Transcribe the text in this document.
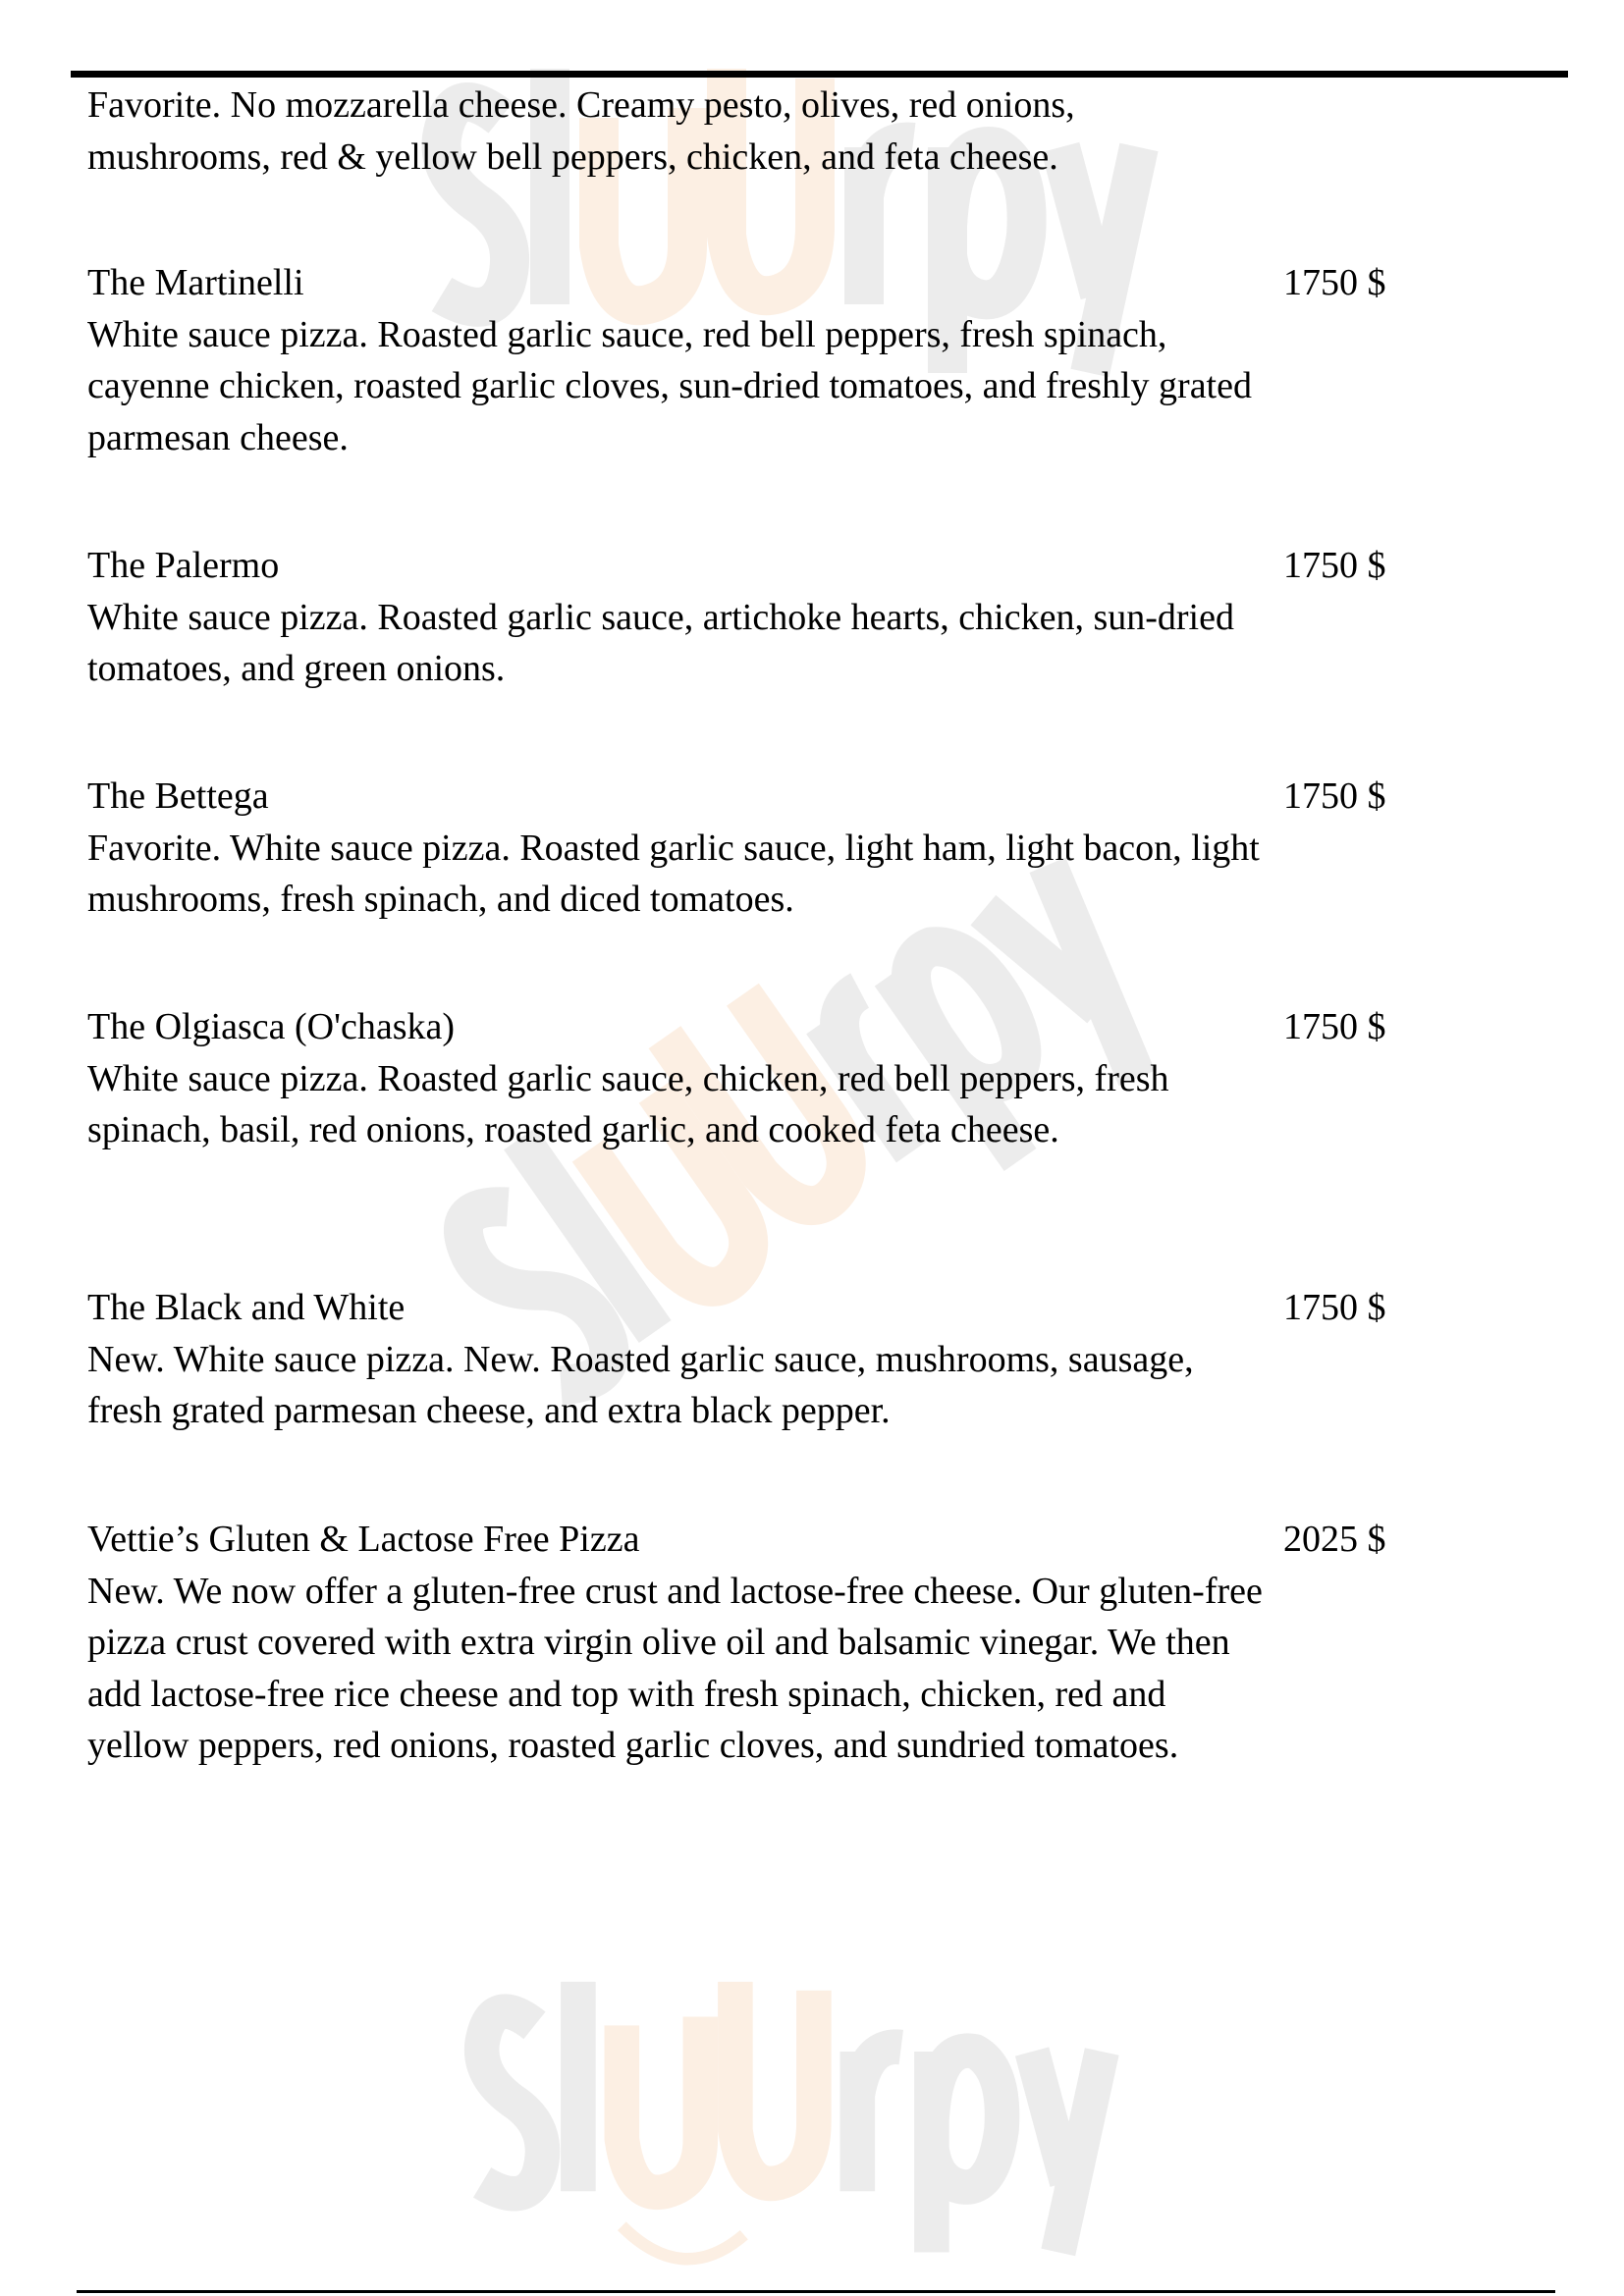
Favorite. No mozzarella cheese. Creamy pesto, olives, red onions, mushrooms, red & yellow bell peppers, chicken, and feta cheese.
The Martinelli	1750 $
White sauce pizza. Roasted garlic sauce, red bell peppers, fresh spinach, cayenne chicken, roasted garlic cloves, sun-dried tomatoes, and freshly grated parmesan cheese.
The Palermo	1750 $
White sauce pizza. Roasted garlic sauce, artichoke hearts, chicken, sun-dried tomatoes, and green onions.
The Bettega	1750 $
Favorite. White sauce pizza. Roasted garlic sauce, light ham, light bacon, light mushrooms, fresh spinach, and diced tomatoes.
The Olgiasca (O'chaska)	1750 $
White sauce pizza. Roasted garlic sauce, chicken, red bell peppers, fresh spinach, basil, red onions, roasted garlic, and cooked feta cheese.
The Black and White	1750 $
New. White sauce pizza. New. Roasted garlic sauce, mushrooms, sausage, fresh grated parmesan cheese, and extra black pepper.
Vettie’s Gluten & Lactose Free Pizza	2025 $
New. We now offer a gluten-free crust and lactose-free cheese. Our gluten-free pizza crust covered with extra virgin olive oil and balsamic vinegar. We then add lactose-free rice cheese and top with fresh spinach, chicken, red and yellow peppers, red onions, roasted garlic cloves, and sundried tomatoes.
